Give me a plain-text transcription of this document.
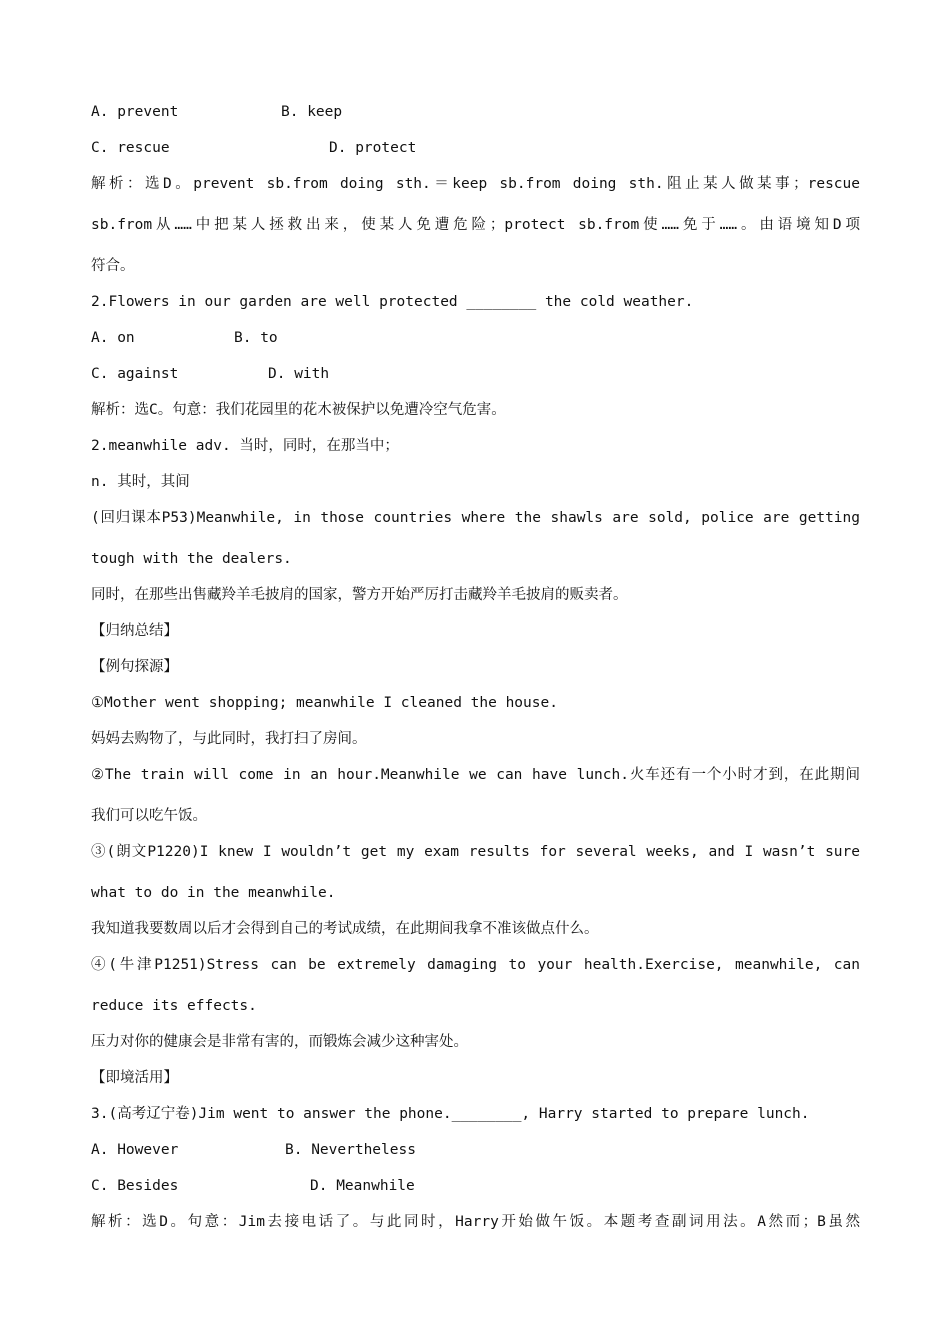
A. prevent	B. keep
C. rescue	D. protect
解析：选D。prevent sb.from doing sth.＝keep sb.from doing sth.阻止某人做某事；rescue
sb.from从……中把某人拯救出来，使某人免遭危险；protect sb.from使……免于……。由语境知D项
符合。
2.Flowers in our garden are well protected ________ the cold weather.
A. on	B. to
C. against	D. with
解析：选C。句意：我们花园里的花木被保护以免遭冷空气危害。
2.meanwhile adv. 当时，同时，在那当中；
n. 其时，其间
(回归课本P53)Meanwhile, in those countries where the shawls are sold, police are getting
tough with the dealers.
同时，在那些出售藏羚羊毛披肩的国家，警方开始严厉打击藏羚羊毛披肩的贩卖者。
【归纳总结】
【例句探源】
①Mother went shopping; meanwhile I cleaned the house.
妈妈去购物了，与此同时，我打扫了房间。
②The train will come in an hour.Meanwhile we can have lunch.火车还有一个小时才到，在此期间
我们可以吃午饭。
③(朗文P1220)I knew I wouldn’t get my exam results for several weeks, and I wasn’t sure
what to do in the meanwhile.
我知道我要数周以后才会得到自己的考试成绩，在此期间我拿不准该做点什么。
④(牛津P1251)Stress can be extremely damaging to your health.Exercise, meanwhile, can
reduce its effects.
压力对你的健康会是非常有害的，而锻炼会减少这种害处。
【即境活用】
3.(高考辽宁卷)Jim went to answer the phone.________, Harry started to prepare lunch.
A. However	B. Nevertheless
C. Besides	D. Meanwhile
解析：选D。句意：Jim去接电话了。与此同时，Harry开始做午饭。本题考查副词用法。A然而；B虽然
